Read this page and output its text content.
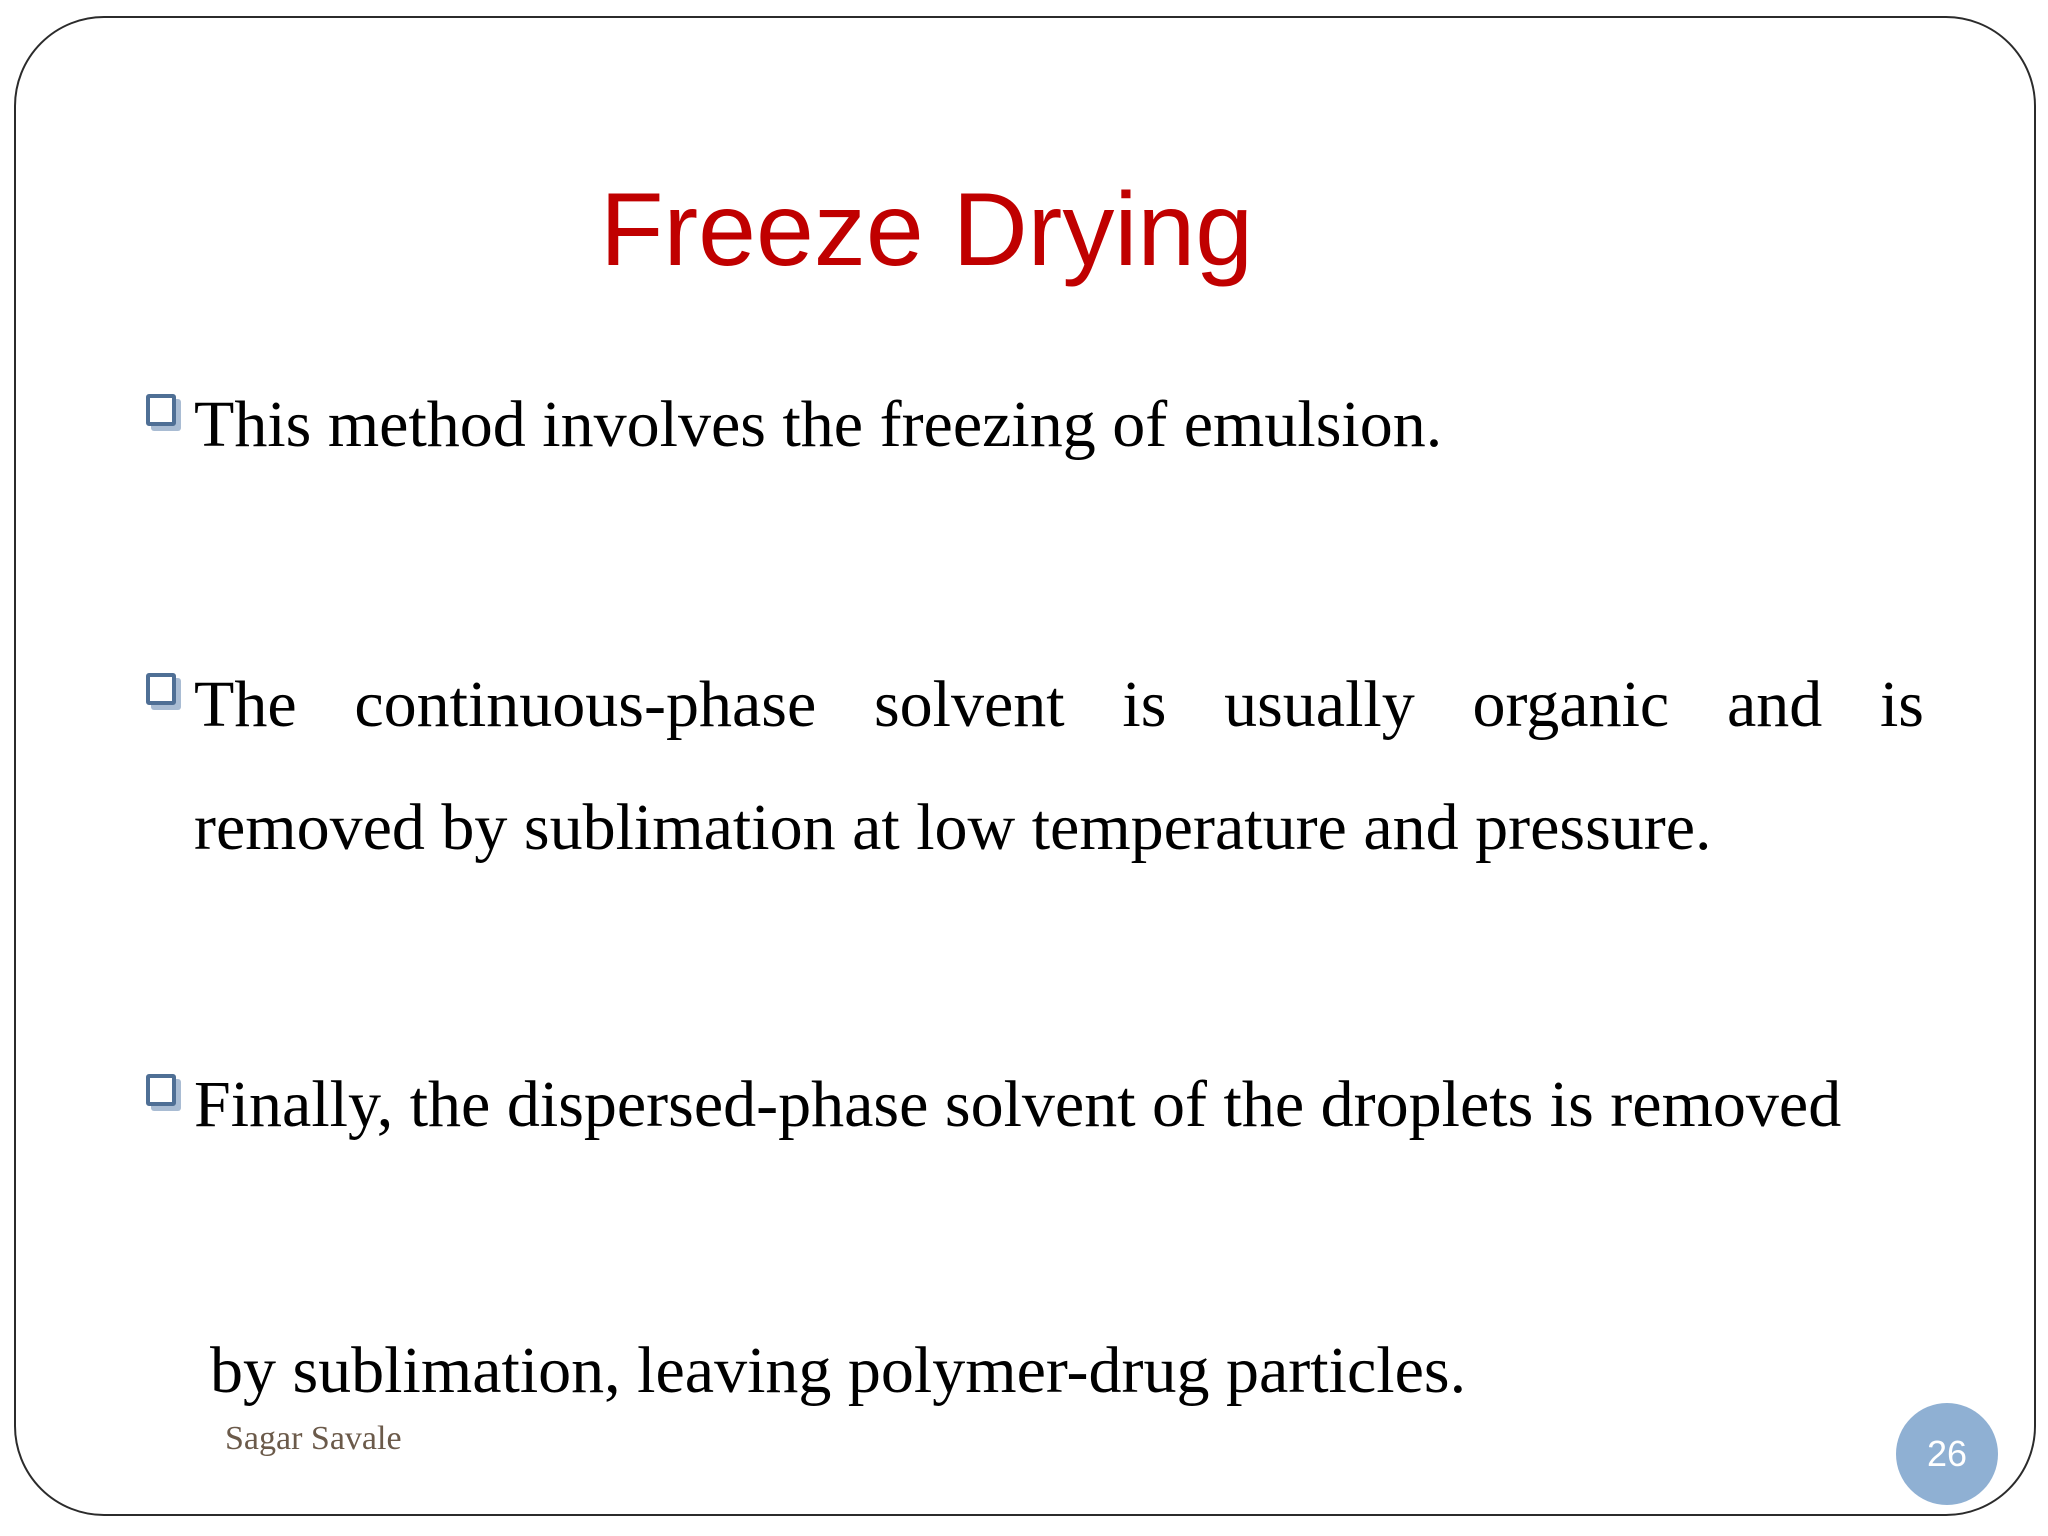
Freeze Drying
This method involves the freezing of emulsion.
The continuous-phase solvent is usually organic and is
removed by sublimation at low temperature and pressure.
Finally, the dispersed-phase solvent of the droplets is removed
by sublimation, leaving polymer-drug particles.
Sagar Savale	26
